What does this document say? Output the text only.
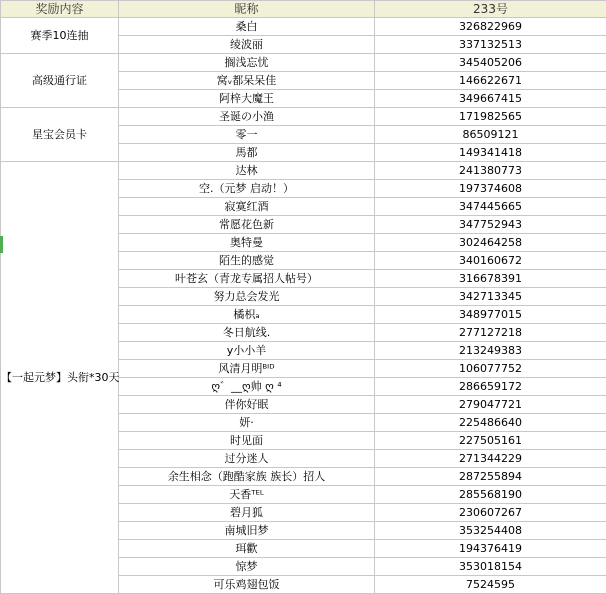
奖励内容	昵称	233号
赛季10连抽	桑白	326822969
	绫波丽	337132513
高级通行证	搁浅忘忧	345405206
	窝ᵥ都呆呆佳	146622671
	阿梓大魔王	349667415
星宝会员卡	圣诞の小渔	171982565
	零一	86509121
	馬都	149341418
【一起元梦】头衔*30天	达林	241380773
	空.（元梦 启动！）	197374608
	寂寞红酒	347445665
	常愿花色新	347752943
	奥特曼	302464258
	陌生的感觉	340160672
	叶苍玄（青龙专属招人帖号）	316678391
	努力总会发光	342713345
	橘枳ₐ	348977015
	冬日航线.	277127218
	y小小羊	213249383
	风清月明ᴮᴵᴰ	106077752
	ღ゛__ღ帅 ღ ⁴	286659172
	伴你好眠	279047721
	妍·	225486640
	时见面	227505161
	过分迷人	271344229
	余生相念（跑酷家族 族长）招人	287255894
	天香ᵀᴱᴸ	285568190
	碧月狐	230607267
	南城旧梦	353254408
	珥歡	194376419
	惊梦	353018154
	可乐鸡翅包饭	7524595
